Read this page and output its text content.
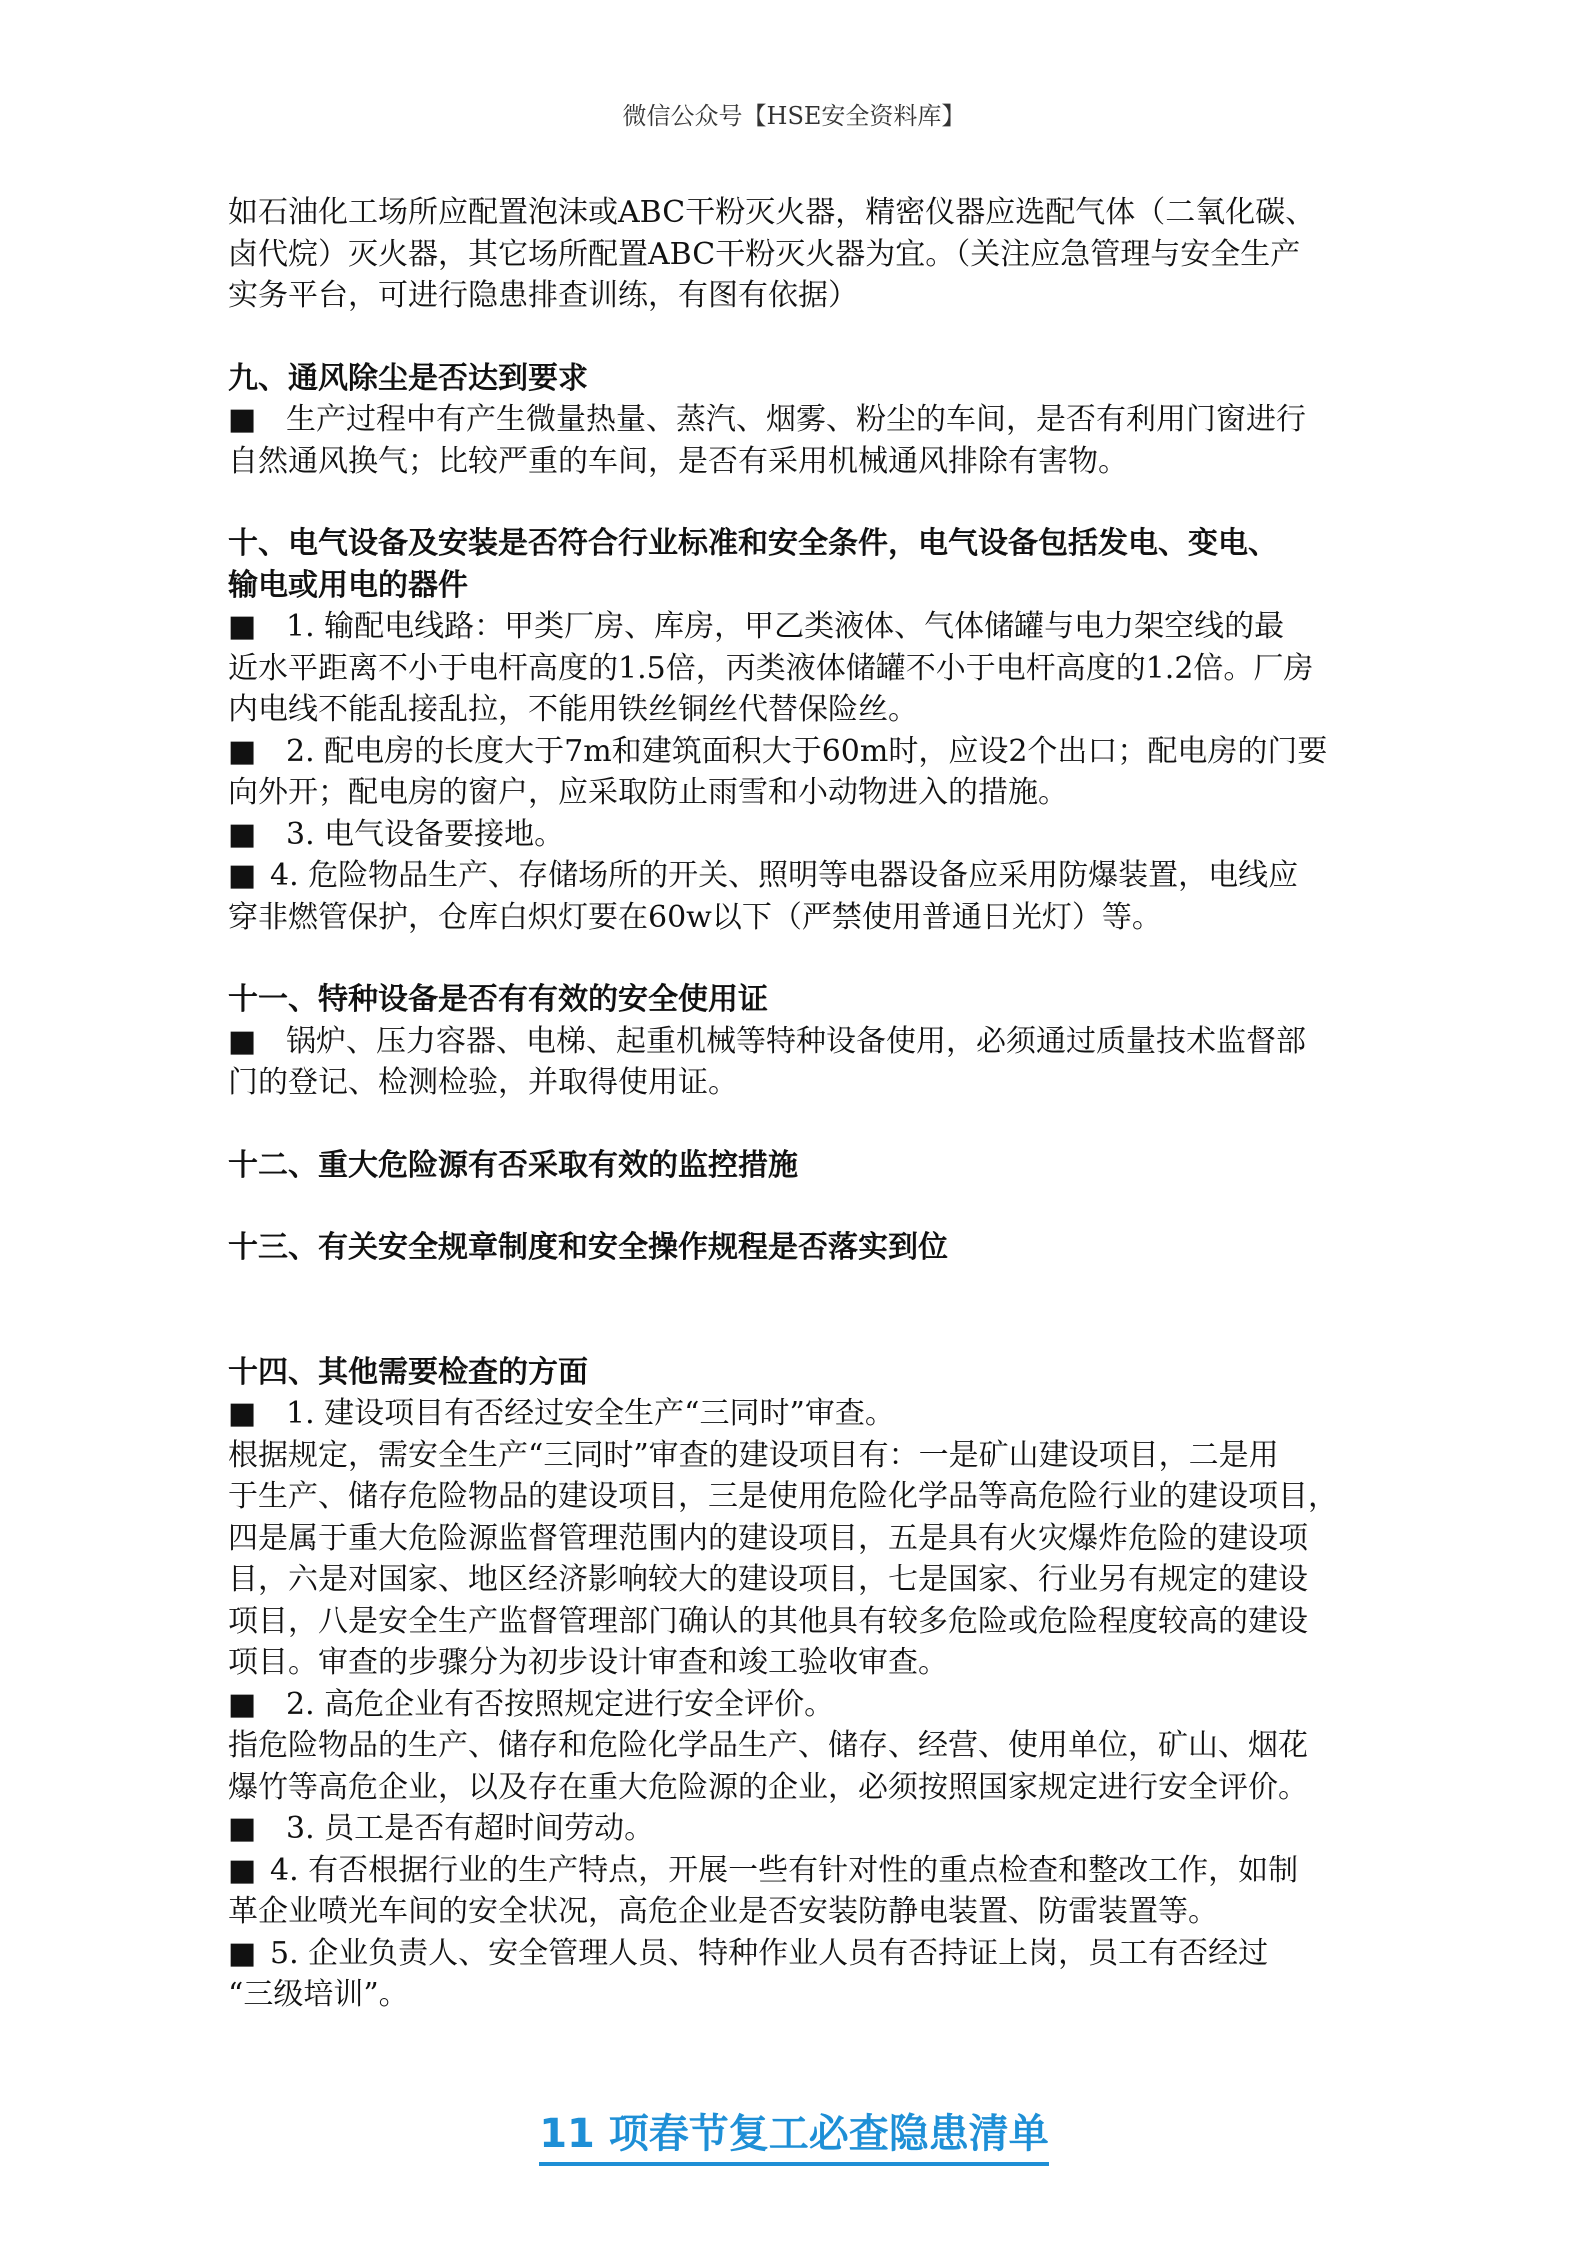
微信公众号【HSE安全资料库】

如石油化工场所应配置泡沫或ABC干粉灭火器，精密仪器应选配气体（二氧化碳、

卤代烷）灭火器，其它场所配置ABC干粉灭火器为宜。（关注应急管理与安全生产

实务平台，可进行隐患排查训练，有图有依据）

九、通风除尘是否达到要求

■ 生产过程中有产生微量热量、蒸汽、烟雾、粉尘的车间，是否有利用门窗进行

自然通风换气；比较严重的车间，是否有采用机械通风排除有害物。

十、电气设备及安装是否符合行业标准和安全条件，电气设备包括发电、变电、

输电或用电的器件

■ 1. 输配电线路：甲类厂房、库房，甲乙类液体、气体储罐与电力架空线的最

近水平距离不小于电杆高度的1.5倍，丙类液体储罐不小于电杆高度的1.2倍。厂房

内电线不能乱接乱拉，不能用铁丝铜丝代替保险丝。

■ 2. 配电房的长度大于7m和建筑面积大于60m时，应设2个出口；配电房的门要

向外开；配电房的窗户，应采取防止雨雪和小动物进入的措施。

■ 3. 电气设备要接地。

■ 4. 危险物品生产、存储场所的开关、照明等电器设备应采用防爆装置，电线应

穿非燃管保护，仓库白炽灯要在60w以下（严禁使用普通日光灯）等。

十一、特种设备是否有有效的安全使用证

■ 锅炉、压力容器、电梯、起重机械等特种设备使用，必须通过质量技术监督部

门的登记、检测检验，并取得使用证。

十二、重大危险源有否采取有效的监控措施

十三、有关安全规章制度和安全操作规程是否落实到位

十四、其他需要检查的方面

■ 1. 建设项目有否经过安全生产“三同时”审查。

根据规定，需安全生产“三同时”审查的建设项目有：一是矿山建设项目，二是用

于生产、储存危险物品的建设项目，三是使用危险化学品等高危险行业的建设项目，

四是属于重大危险源监督管理范围内的建设项目，五是具有火灾爆炸危险的建设项

目，六是对国家、地区经济影响较大的建设项目，七是国家、行业另有规定的建设

项目，八是安全生产监督管理部门确认的其他具有较多危险或危险程度较高的建设

项目。审查的步骤分为初步设计审查和竣工验收审查。

■ 2. 高危企业有否按照规定进行安全评价。

指危险物品的生产、储存和危险化学品生产、储存、经营、使用单位，矿山、烟花

爆竹等高危企业，以及存在重大危险源的企业，必须按照国家规定进行安全评价。

■ 3. 员工是否有超时间劳动。

■ 4. 有否根据行业的生产特点，开展一些有针对性的重点检查和整改工作，如制

革企业喷光车间的安全状况，高危企业是否安装防静电装置、防雷装置等。

■ 5. 企业负责人、安全管理人员、特种作业人员有否持证上岗，员工有否经过

“三级培训”。

11 项春节复工必查隐患清单
